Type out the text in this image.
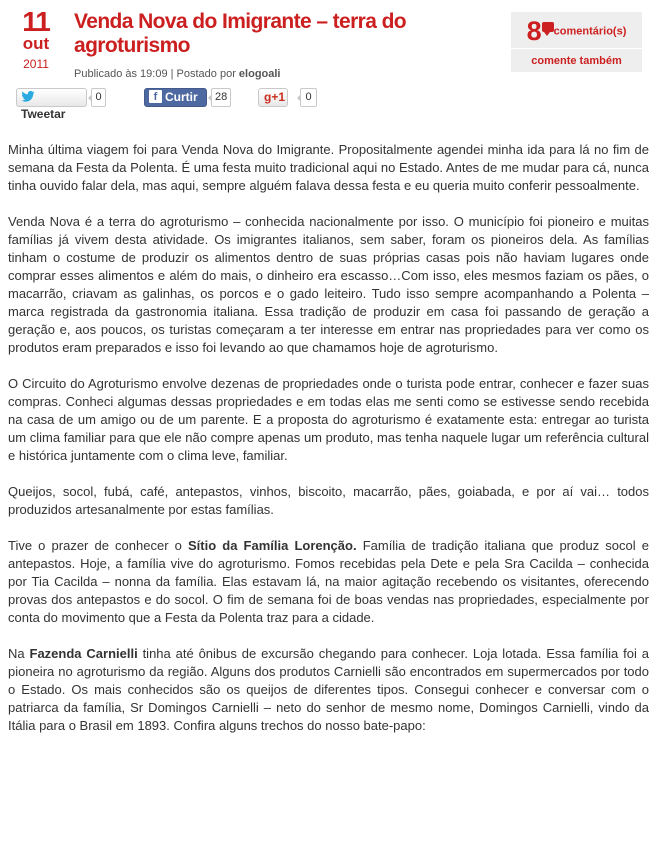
11
out
2011
Venda Nova do Imigrante – terra do agroturismo
Publicado às 19:09 | Postado por elogoali
8 comentário(s)
comente também
Tweetar
0	f Curtir	28	g+1	0

Minha última viagem foi para Venda Nova do Imigrante. Propositalmente agendei minha ida para lá no fim de semana da Festa da Polenta. É uma festa muito tradicional aqui no Estado. Antes de me mudar para cá, nunca tinha ouvido falar dela, mas aqui, sempre alguém falava dessa festa e eu queria muito conferir pessoalmente.

Venda Nova é a terra do agroturismo – conhecida nacionalmente por isso. O município foi pioneiro e muitas famílias já vivem desta atividade. Os imigrantes italianos, sem saber, foram os pioneiros dela. As famílias tinham o costume de produzir os alimentos dentro de suas próprias casas pois não haviam lugares onde comprar esses alimentos e além do mais, o dinheiro era escasso…Com isso, eles mesmos faziam os pães, o macarrão, criavam as galinhas, os porcos e o gado leiteiro. Tudo isso sempre acompanhando a Polenta – marca registrada da gastronomia italiana. Essa tradição de produzir em casa foi passando de geração a geração e, aos poucos, os turistas começaram a ter interesse em entrar nas propriedades para ver como os produtos eram preparados e isso foi levando ao que chamamos hoje de agroturismo.

O Circuito do Agroturismo envolve dezenas de propriedades onde o turista pode entrar, conhecer e fazer suas compras. Conheci algumas dessas propriedades e em todas elas me senti como se estivesse sendo recebida na casa de um amigo ou de um parente. E a proposta do agroturismo é exatamente esta: entregar ao turista um clima familiar para que ele não compre apenas um produto, mas tenha naquele lugar um referência cultural e histórica juntamente com o clima leve, familiar.

Queijos, socol, fubá, café, antepastos, vinhos, biscoito, macarrão, pães, goiabada, e por aí vai… todos produzidos artesanalmente por estas famílias.

Tive o prazer de conhecer o Sítio da Família Lorenção. Família de tradição italiana que produz socol e antepastos. Hoje, a família vive do agroturismo. Fomos recebidas pela Dete e pela Sra Cacilda – conhecida por Tia Cacilda – nonna da família. Elas estavam lá, na maior agitação recebendo os visitantes, oferecendo provas dos antepastos e do socol. O fim de semana foi de boas vendas nas propriedades, especialmente por conta do movimento que a Festa da Polenta traz para a cidade.

Na Fazenda Carnielli tinha até ônibus de excursão chegando para conhecer. Loja lotada. Essa família foi a pioneira no agroturismo da região. Alguns dos produtos Carnielli são encontrados em supermercados por todo o Estado. Os mais conhecidos são os queijos de diferentes tipos. Consegui conhecer e conversar com o patriarca da família, Sr Domingos Carnielli – neto do senhor de mesmo nome, Domingos Carnielli, vindo da Itália para o Brasil em 1893. Confira alguns trechos do nosso bate-papo:
